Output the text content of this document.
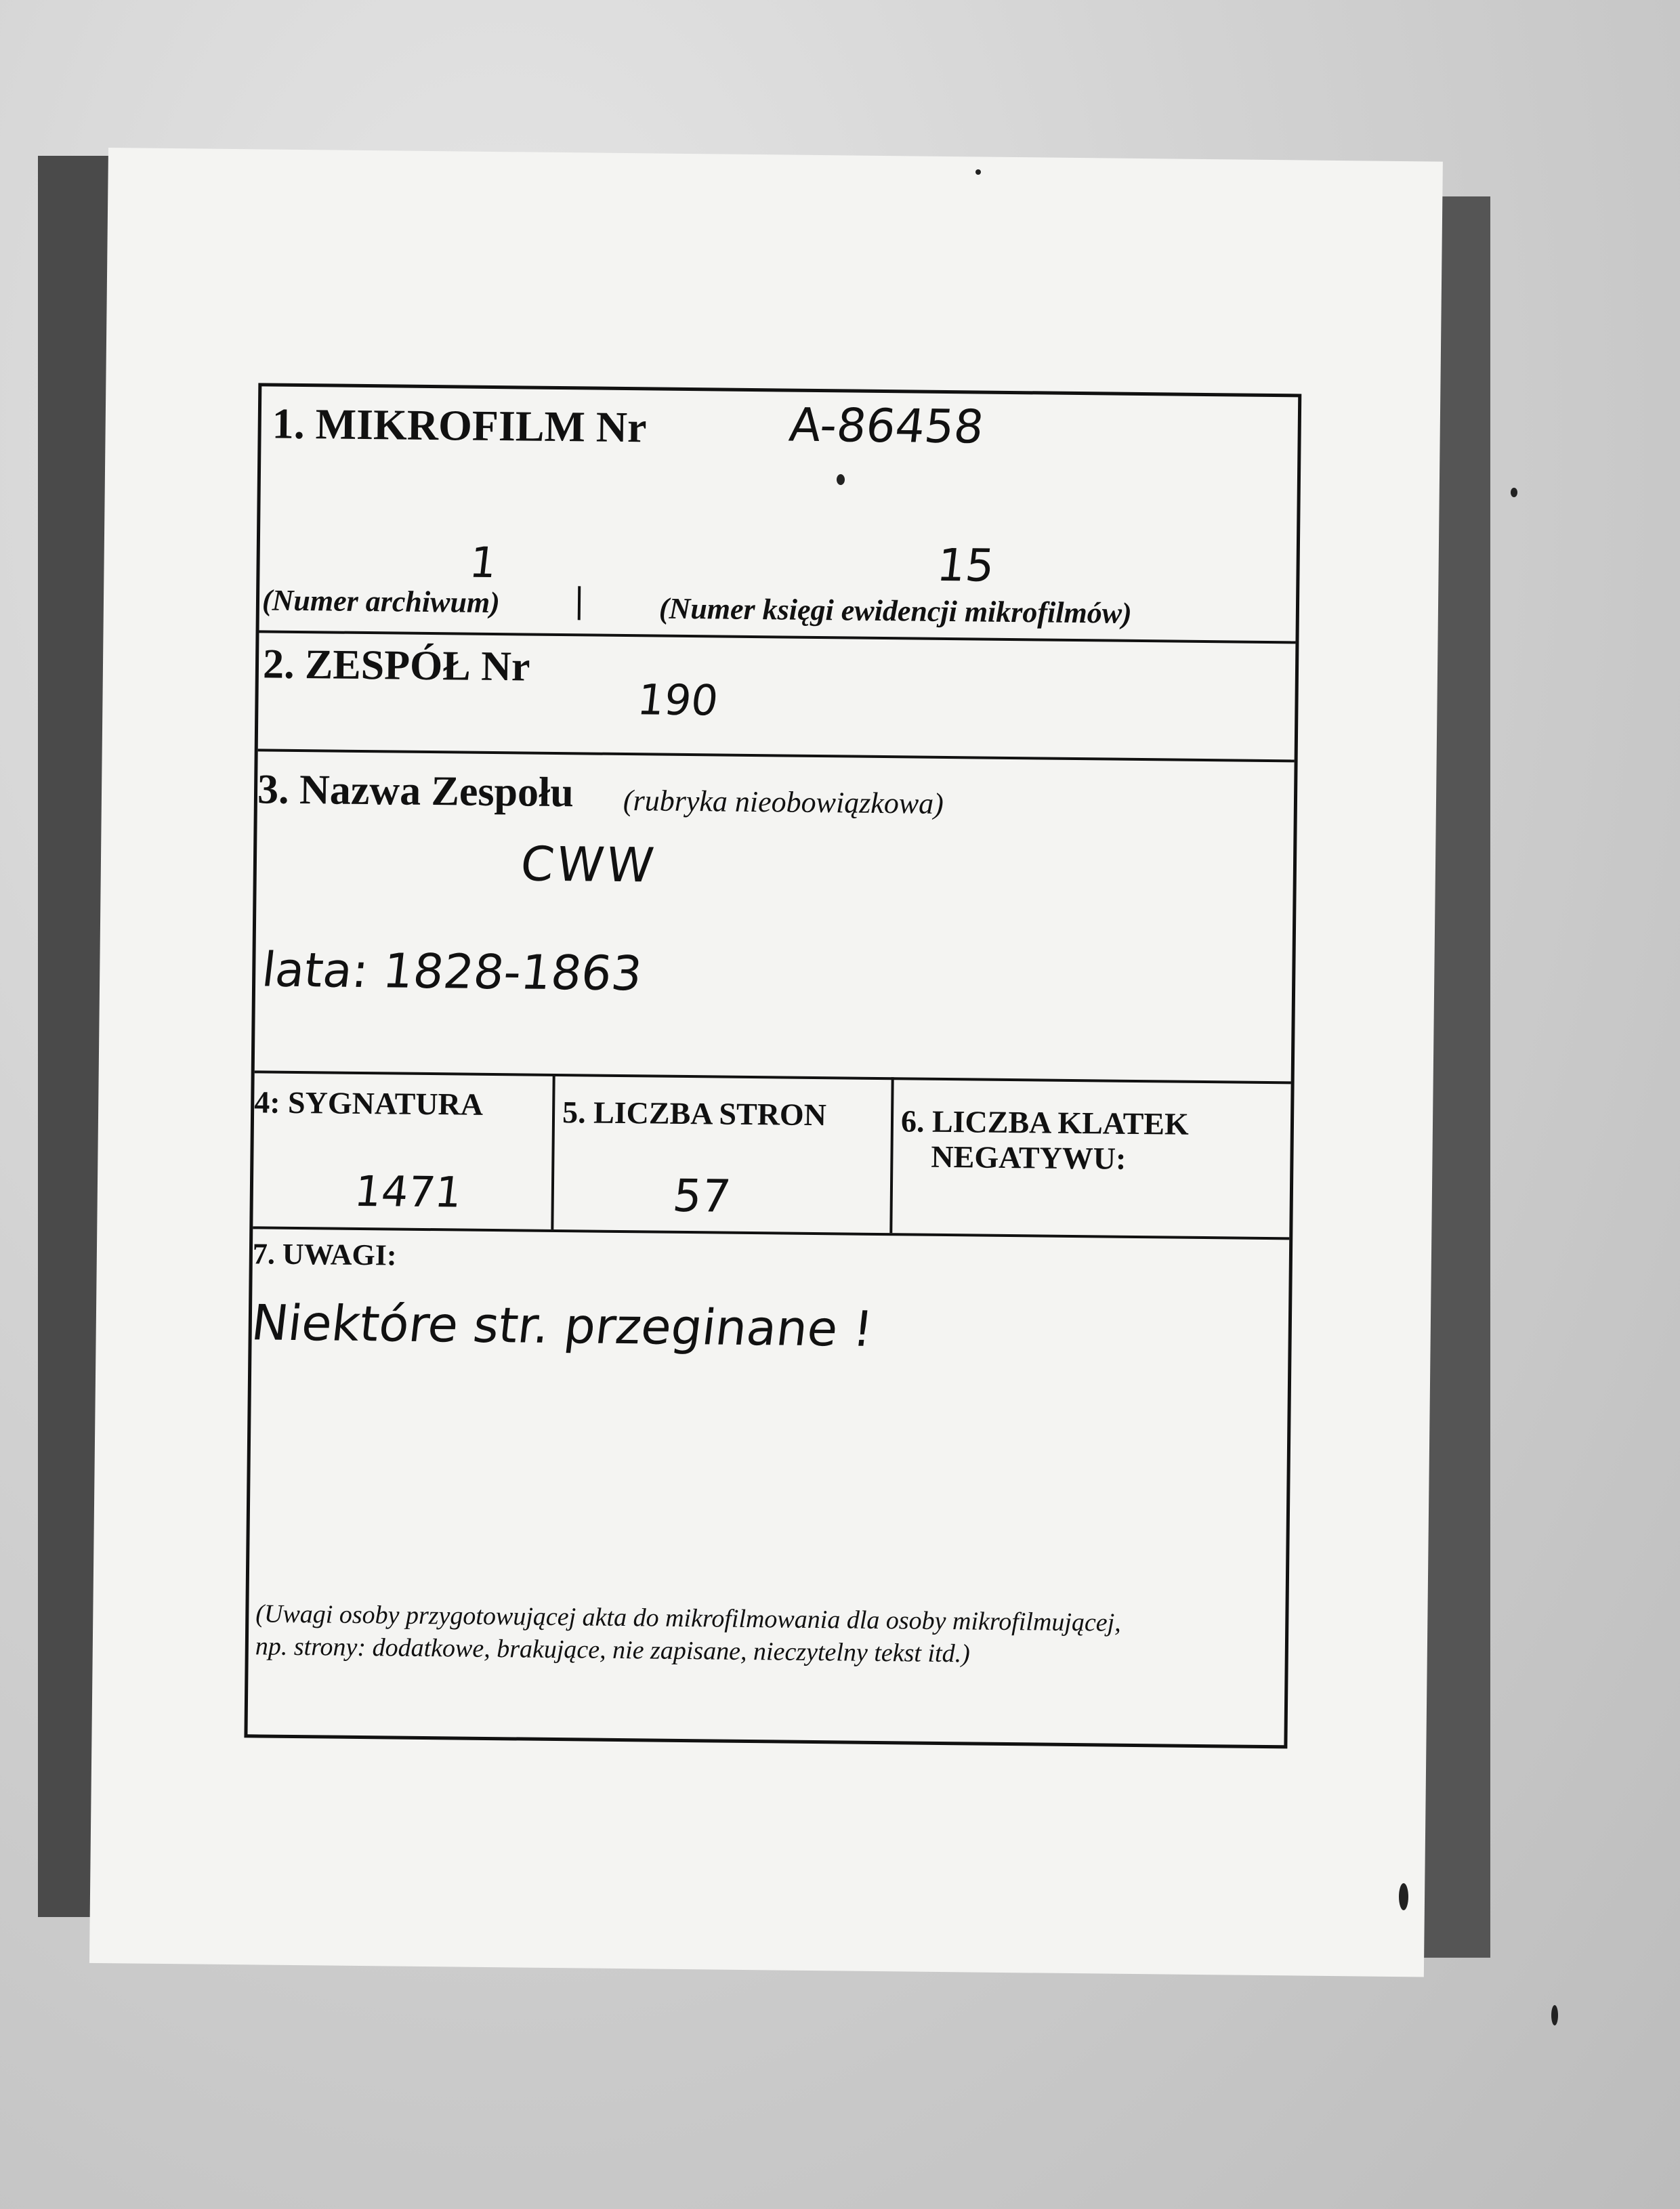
1. MIKROFILM Nr	A-86458
1	15
(Numer archiwum)	(Numer księgi ewidencji mikrofilmów)
2. ZESPÓŁ Nr
190
3. Nazwa Zespołu (rubryka nieobowiązkowa)
CWW
lata: 1828-1863
4: SYGNATURA
1471
5. LICZBA STRON
57
6. LICZBA KLATEK
NEGATYWU:
7. UWAGI:
Niektóre str. przeginane !
(Uwagi osoby przygotowującej akta do mikrofilmowania dla osoby mikrofilmującej,
np. strony: dodatkowe, brakujące, nie zapisane, nieczytelny tekst itd.)
